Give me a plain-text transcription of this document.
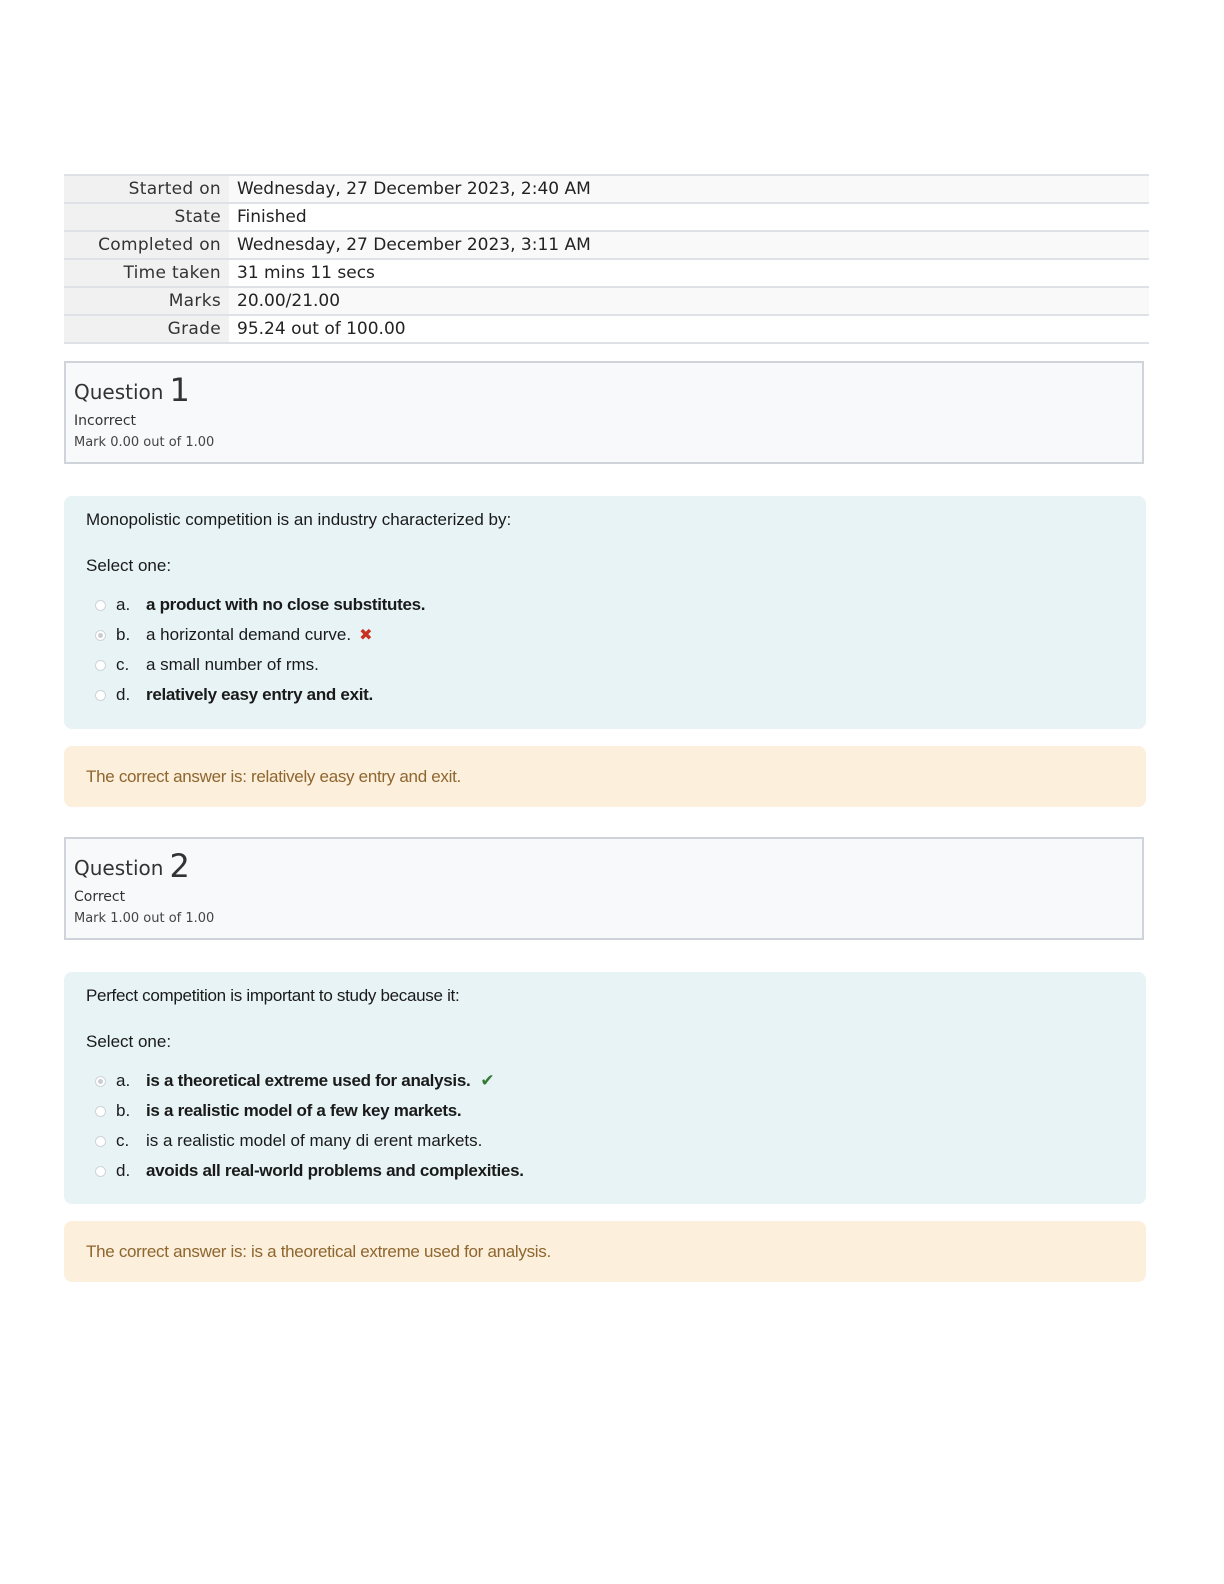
Started on	Wednesday, 27 December 2023, 2:40 AM
State	Finished
Completed on	Wednesday, 27 December 2023, 3:11 AM
Time taken	31 mins 11 secs
Marks	20.00/21.00
Grade	95.24 out of 100.00
Question 1
Incorrect
Mark 0.00 out of 1.00
Monopolistic competition is an industry characterized by:
Select one:
a. a product with no close substitutes.
b. a horizontal demand curve. ✖
c. a small number of rms.
d. relatively easy entry and exit.
The correct answer is: relatively easy entry and exit.
Question 2
Correct
Mark 1.00 out of 1.00
Perfect competition is important to study because it:
Select one:
a. is a theoretical extreme used for analysis. ✔
b. is a realistic model of a few key markets.
c. is a realistic model of many di erent markets.
d. avoids all real-world problems and complexities.
The correct answer is: is a theoretical extreme used for analysis.
